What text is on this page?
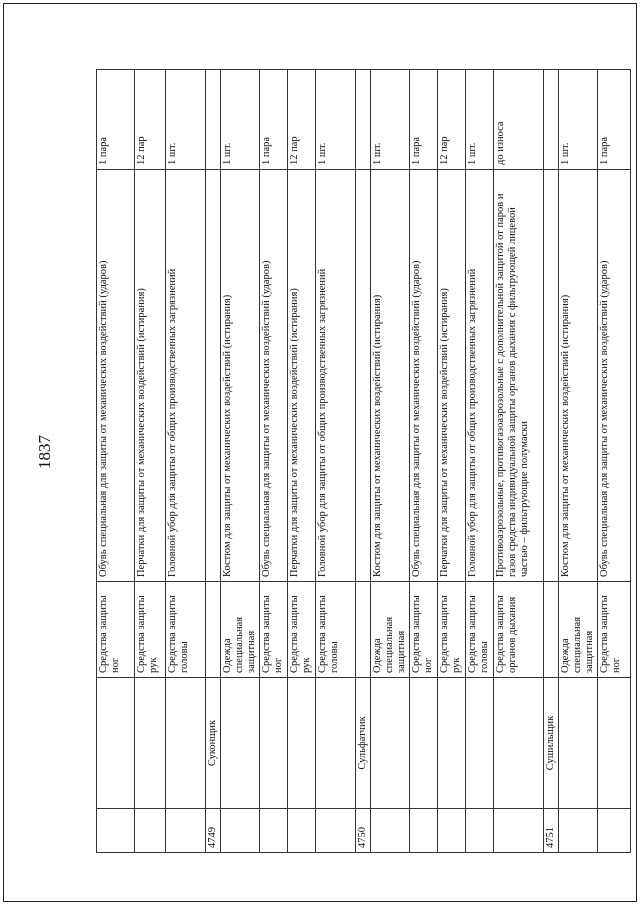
1837

		Средства защиты ног	Обувь специальная для защиты от механических воздействий (ударов)	1 пара

		Средства защиты рук	Перчатки для защиты от механических воздействий (истирания)	12 пар

		Средства защиты головы	Головной убор для защиты от общих производственных загрязнений	1 шт.

4749	Суконщик			

		Одежда специальная защитная	Костюм для защиты от механических воздействий (истирания)	1 шт.

		Средства защиты ног	Обувь специальная для защиты от механических воздействий (ударов)	1 пара

		Средства защиты рук	Перчатки для защиты от механических воздействий (истирания)	12 пар

		Средства защиты головы	Головной убор для защиты от общих производственных загрязнений	1 шт.

4750	Сульфатчик			

		Одежда специальная защитная	Костюм для защиты от механических воздействий (истирания)	1 шт.

		Средства защиты ног	Обувь специальная для защиты от механических воздействий (ударов)	1 пара

		Средства защиты рук	Перчатки для защиты от механических воздействий (истирания)	12 пар

		Средства защиты головы	Головной убор для защиты от общих производственных загрязнений	1 шт.

		Средства защиты органов дыхания	Противоаэрозольные, противогазоаэрозольные с дополнительной защитой от паров и газов средства индивидуальной защиты органов дыхания с фильтрующей лицевой частью – фильтрующие полумаски	до износа

4751	Сушильщик			

		Одежда специальная защитная	Костюм для защиты от механических воздействий (истирания)	1 шт.

		Средства защиты ног	Обувь специальная для защиты от механических воздействий (ударов)	1 пара
